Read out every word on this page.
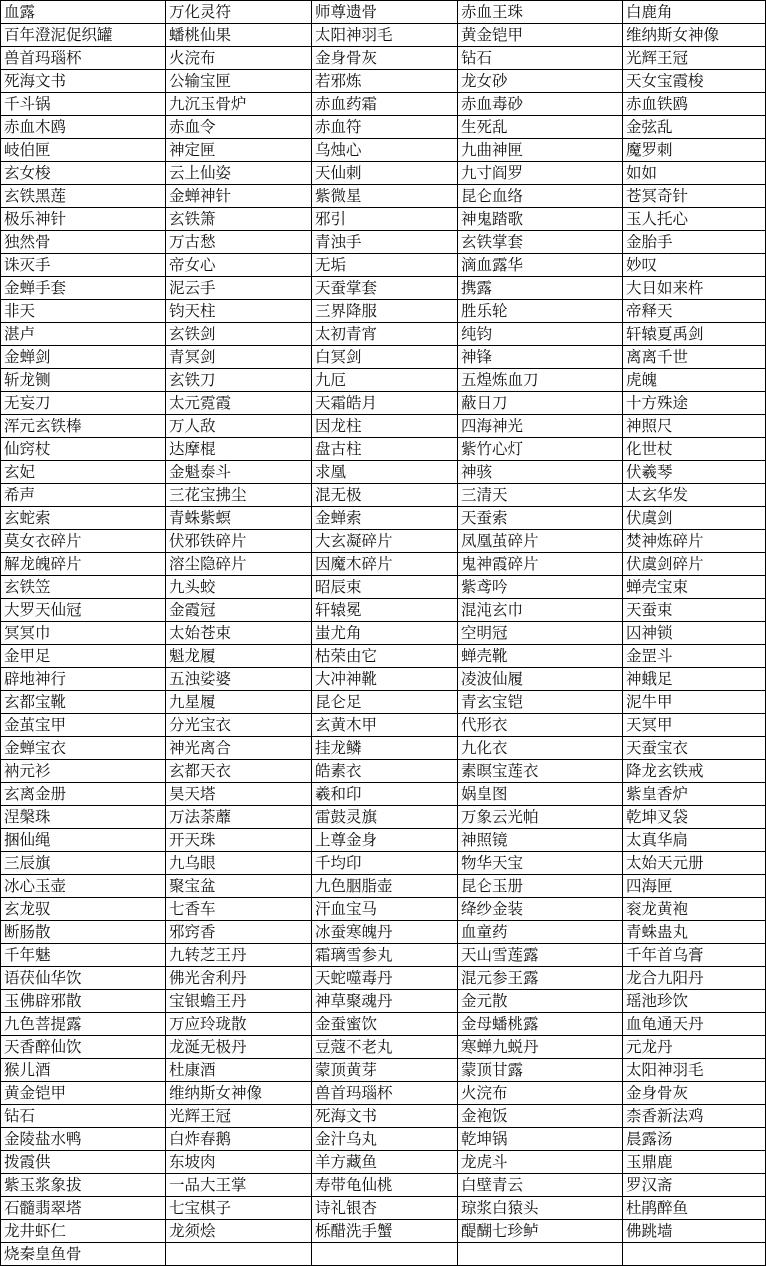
血露	万化灵符	师尊遗骨	赤血王珠	白鹿角
百年澄泥促织罐	蟠桃仙果	太阳神羽毛	黄金铠甲	维纳斯女神像
兽首玛瑙杯	火浣布	金身骨灰	钻石	光辉王冠
死海文书	公输宝匣	若邪炼	龙女砂	天女宝霞梭
千斗锅	九沉玉骨炉	赤血药霜	赤血毒砂	赤血铁鸥
赤血木鸥	赤血令	赤血符	生死乱	金弦乱
岐伯匣	神定匣	乌烛心	九曲神匣	魔罗刺
玄女梭	云上仙姿	天仙刺	九寸阎罗	如如
玄铁黑莲	金蝉神针	紫微星	昆仑血络	苍冥奇针
极乐神针	玄铁箫	邪引	神鬼踏歌	玉人托心
独然骨	万古愁	青浊手	玄铁掌套	金胎手
诛灭手	帝女心	无垢	滴血露华	妙叹
金蝉手套	泥云手	天蚕掌套	携露	大日如来杵
非天	钧天柱	三界降服	胜乐轮	帝释天
湛卢	玄铁剑	太初青宵	纯钧	轩辕夏禹剑
金蝉剑	青冥剑	白冥剑	神锋	离离千世
斩龙铡	玄铁刀	九厄	五煌炼血刀	虎魄
无妄刀	太元霓霞	天霜皓月	蔽日刀	十方殊途
浑元玄铁棒	万人敌	因龙柱	四海神光	神照尺
仙窍杖	达摩棍	盘古柱	紫竹心灯	化世杖
玄妃	金魁泰斗	求凰	神骇	伏羲琴
希声	三花宝拂尘	混无极	三清天	太玄华发
玄蛇索	青蛛紫螟	金蝉索	天蚕索	伏虞剑
莫女衣碎片	伏邪铁碎片	大玄凝碎片	凤凰茧碎片	焚神炼碎片
解龙魄碎片	溶尘隐碎片	因魔木碎片	鬼神霞碎片	伏虞剑碎片
玄铁笠	九头蛟	昭辰束	紫鸢吟	蝉壳宝束
大罗天仙冠	金霞冠	轩辕冕	混沌玄巾	天蚕束
冥冥巾	太始苍束	蚩尤角	空明冠	囚神锁
金甲足	魁龙履	枯荣由它	蝉壳靴	金罡斗
辟地神行	五浊娑婆	大冲神靴	凌波仙履	神蛾足
玄都宝靴	九星履	昆仑足	青玄宝铠	泥牛甲
金茧宝甲	分光宝衣	玄黄木甲	代形衣	天冥甲
金蝉宝衣	神光离合	挂龙鳞	九化衣	天蚕宝衣
衲元衫	玄都天衣	皓素衣	素暝宝莲衣	降龙玄铁戒
玄离金册	昊天塔	羲和印	娲皇图	紫皇香炉
涅槃珠	万法荼蘼	雷鼓灵旗	万象云光帕	乾坤叉袋
捆仙绳	开天珠	上尊金身	神照镜	太真华扃
三辰旗	九乌眼	千均印	物华天宝	太始天元册
冰心玉壶	聚宝盆	九色胭脂壶	昆仑玉册	四海匣
玄龙驭	七香车	汗血宝马	绛纱金装	衮龙黄袍
断肠散	邪窍香	冰蚕寒魄丹	血童药	青蛛蛊丸
千年魅	九转芝王丹	霜璃雪参丸	天山雪莲露	千年首乌膏
语茯仙华饮	佛光舍利丹	天蛇噬毒丹	混元参王露	龙合九阳丹
玉佛辟邪散	宝银蟾王丹	神草聚魂丹	金元散	瑶池珍饮
九色菩提露	万应玲珑散	金蚕蜜饮	金母蟠桃露	血龟通天丹
天香醉仙饮	龙涎无极丹	豆蔻不老丸	寒蝉九蜕丹	元龙丹
猴儿酒	杜康酒	蒙顶黄芽	蒙顶甘露	太阳神羽毛
黄金铠甲	维纳斯女神像	兽首玛瑙杯	火浣布	金身骨灰
钻石	光辉王冠	死海文书	金袍饭	柰香新法鸡
金陵盐水鸭	白炸春鹅	金汁乌丸	乾坤锅	晨露汤
拨霞供	东坡肉	羊方藏鱼	龙虎斗	玉鼎鹿
紫玉浆象拔	一品大王掌	寿带龟仙桃	白壁青云	罗汉斋
石髓翡翠塔	七宝棋子	诗礼银杏	琼浆白猿头	杜鹃醉鱼
龙井虾仁	龙须烩	栎醋洗手蟹	醍醐七珍鲈	佛跳墙
烧秦皇鱼骨				
